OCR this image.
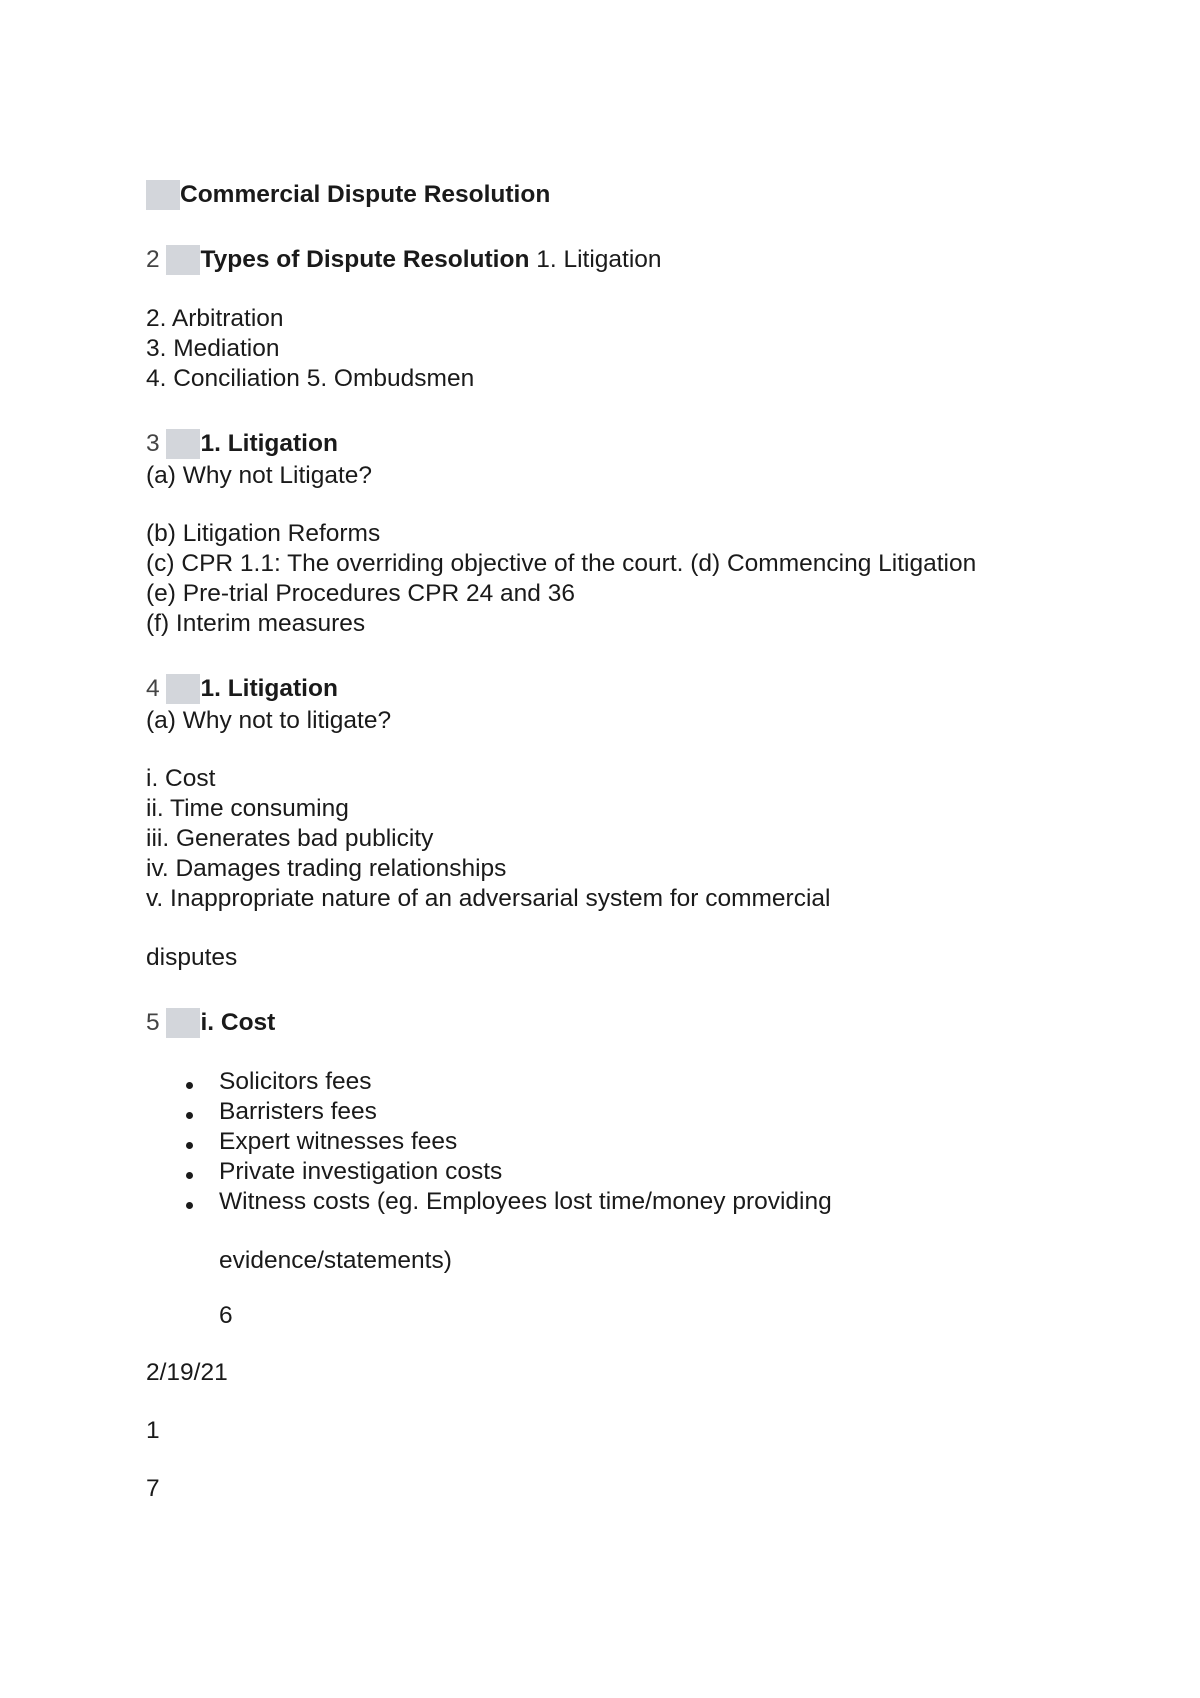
Commercial Dispute Resolution
2 Types of Dispute Resolution 1. Litigation
2. Arbitration
3. Mediation
4. Conciliation 5. Ombudsmen
3 1. Litigation
(a) Why not Litigate?
(b) Litigation Reforms
(c) CPR 1.1: The overriding objective of the court. (d) Commencing Litigation
(e) Pre-trial Procedures CPR 24 and 36
(f) Interim measures
4 1. Litigation
(a) Why not to litigate?
i. Cost
ii. Time consuming
iii. Generates bad publicity
iv. Damages trading relationships
v. Inappropriate nature of an adversarial system for commercial
disputes
5 i. Cost
Solicitors fees
Barristers fees
Expert witnesses fees
Private investigation costs
Witness costs (eg. Employees lost time/money providing
evidence/statements)
6
2/19/21
1
7
